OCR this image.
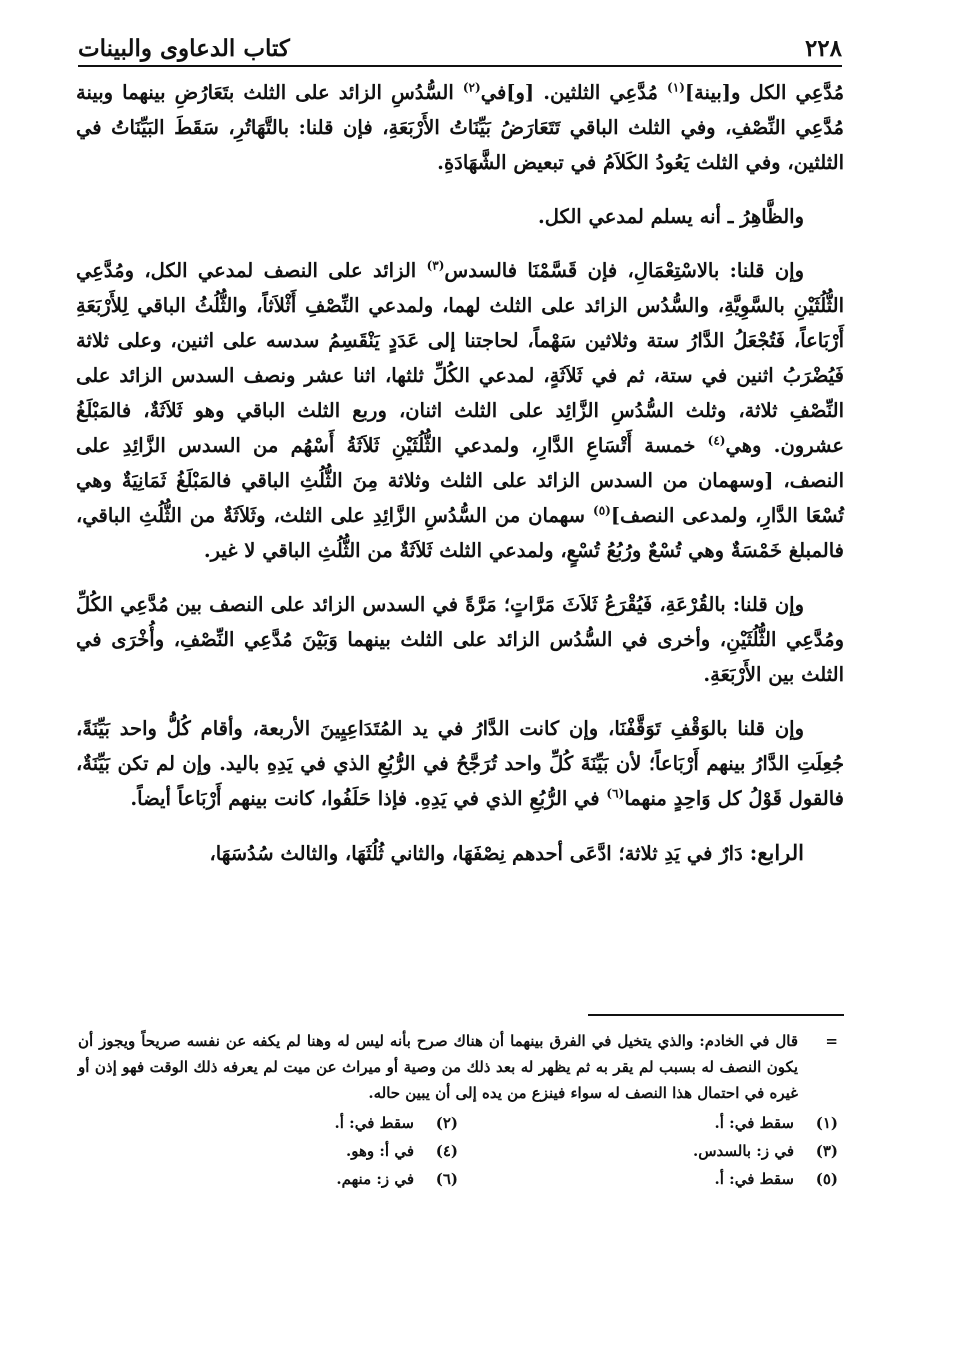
٢٢٨
كتاب الدعاوى والبينات

مُدَّعِي الكل و[بينة]$^{(١)}$ مُدَّعِي الثلثين. [و]في$^{(٢)}$ السُّدُسِ الزائد على الثلث بتَعَارُضِ بينهما وبينة مُدَّعِي النِّصْفِ، وفي الثلث الباقي تَتَعَارَضُ بَيِّنَاتُ الأَرْبَعَةِ، فإن قلنا: بالتَّهَاتُرِ، سَقَطَ البَيِّنَاتُ في الثلثين، وفي الثلث يَعُودُ الكَلاَمُ في تبعيض الشَّهَادَةِ.

والظَّاهِرُ ـ أنه يسلم لمدعي الكل.

وإن قلنا: بالاسْتِعْمَالِ، فإن قَسَّمْنَا فالسدس$^{(٣)}$ الزائد على النصف لمدعي الكل، ومُدَّعِي الثُّلُثَيْنِ بالسَّوِيَّةِ، والسُّدُس الزائد على الثلث لهما، ولمدعي النِّصْفِ أَثْلاَثاً، والثُّلُثُ الباقي لِلأَرْبَعَةِ أَرْبَاعاً، فَتُجْعَلُ الدَّارُ ستة وثلاثين سَهْماً، لحاجتنا إلى عَدَدٍ يَنْقَسِمُ سدسه على اثنين، وعلى ثلاثة فَيُضْرَبُ اثنين في ستة، ثم في ثَلاَثَةٍ، لمدعي الكُلِّ ثلثها، اثنا عشر ونصف السدس الزائد على النِّصْفِ ثلاثة، وثلث السُّدُسِ الزَّائِد على الثلث اثنان، وربع الثلث الباقي وهو ثَلاَثَةٌ، فالمَبْلَغُ عشرون. وهي$^{(٤)}$ خمسة أَتْسَاعِ الدَّارِ، ولمدعي الثُّلُثَيْنِ ثَلاَثَةُ أَسْهُم من السدس الزَّائِدِ على النصف، [وسهمان من السدس الزائد على الثلث وثلاثة مِنَ الثُّلُثِ الباقي فالمَبْلَغُ ثَمَانِيَةٌ وهي تُسْعَا الدَّارِ، ولمدعى النصف]$^{(٥)}$ سهمان من السُّدُسِ الزَّائِدِ على الثلث، وثَلاَثَةٌ من الثُّلُثِ الباقي، فالمبلغ خَمْسَةٌ وهي تُسْعٌ ورُبُعُ تُسْعٍ، ولمدعي الثلث ثَلاَثَةٌ من الثُّلُثِ الباقي لا غير.

وإن قلنا: بالقُرْعَةِ، فَيُقْرَعُ ثَلاَثَ مَرَّاتٍ؛ مَرَّةً في السدس الزائد على النصف بين مُدَّعِي الكُلِّ ومُدَّعِي الثُّلُثَيْنِ، وأخرى في السُّدُس الزائد على الثلث بينهما وَبَيْنَ مُدَّعِي النِّصْفِ، وأُخْرَى في الثلث بين الأَرْبَعَةِ.

وإن قلنا بالوَقْفِ تَوَقَّفْنَا، وإن كانت الدَّارُ في يد المُتَدَاعِيِينَ الأربعة، وأقام كُلُّ واحد بَيِّنَةً، جُعِلَتِ الدَّارُ بينهم أَرْبَاعاً؛ لأن بَيِّنَةَ كُلِّ واحد تُرَجَّحُ في الرُّبُعِ الذي في يَدِهِ باليد. وإن لم تكن بَيِّنَةٌ، فالقول قَوْلُ كل وَاحِدٍ منهما$^{(٦)}$ في الرُّبُعِ الذي في يَدِهِ. فإذا حَلَفُوا، كانت بينهم أَرْبَاعاً أيضاً.

الرابع: دَارٌ في يَدِ ثلاثة؛ ادَّعَى أحدهم نِصْفَهَا، والثاني ثُلُثَهَا، والثالث سُدُسَهَا،

=
قال في الخادم: والذي يتخيل في الفرق بينهما أن هناك صرح بأنه ليس له وهنا لم يكفه عن نفسه صريحاً ويجوز أن يكون النصف له بسبب لم يقر به ثم يظهر له بعد ذلك من وصية أو ميراث عن ميت لم يعرفه ذلك الوقت فهو إذن أو غيره في احتمال هذا النصف له سواء فينزع من يده إلى أن يبين حاله.
(١)
سقط في: أ.
(٢)
سقط في: أ.
(٣)
في ز: بالسدس.
(٤)
في أ: وهو.
(٥)
سقط في: أ.
(٦)
في ز: منهم.
